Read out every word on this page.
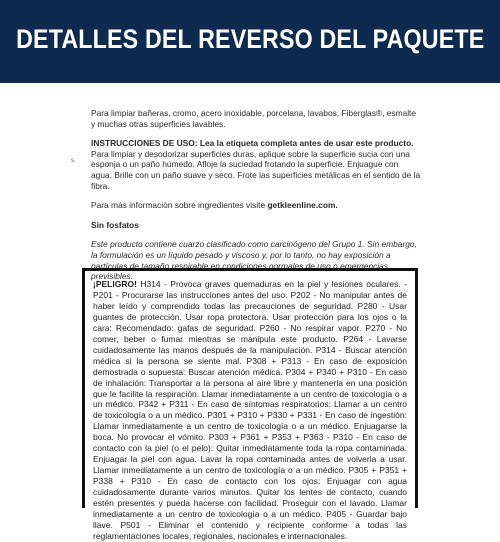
DETALLES DEL REVERSO DEL PAQUETE
s.

Para limpiar bañeras, cromo, acero inoxidable, porcelana, lavabos, Fiberglas®, esmalte y muchas otras superficies lavables.

INSTRUCCIONES DE USO: Lea la etiqueta completa antes de usar este producto. Para limpiar y desodorizar superficies duras, aplique sobre la superficie sucia con una esponja o un paño húmedo. Afloje la suciedad frotando la superficie. Enjuague con agua. Brille con un paño suave y seco. Frote las superficies metálicas en el sentido de la fibra.

Para más información sobre ingredientes visite getkleenline.com.

Sin fosfatos

Este producto contiene cuarzo clasificado como carcinógeno del Grupo 1. Sin embargo, la formulación es un líquido pesado y viscoso y, por lo tanto, no hay exposición a partículas de tamaño respirable en condiciones normales de uso o emergencias previsibles.

¡PELIGRO! H314 - Provoca graves quemaduras en la piel y lesiones oculares. - P201 - Procurarse las instrucciones antes del uso. P202 - No manipular antes de haber leído y comprendido todas las precauciones de seguridad. P280 - Usar guantes de protección. Usar ropa protectora. Usar protección para los ojos o la cara: Recomendado: gafas de seguridad. P260 - No respirar vapor. P270 - No comer, beber o fumar mientras se manipula este producto. P264 - Lavarse cuidadosamente las manos después de la manipulación. P314 - Buscar atención médica si la persona se siente mal. P308 + P313 - En caso de exposición demostrada o supuesta: Buscar atención médica. P304 + P340 + P310 - En caso de inhalación: Transportar a la persona al aire libre y mantenerla en una posición que le facilite la respiración. Llamar inmediatamente a un centro de toxicología o a un médico. P342 + P311 - En caso de síntomas respiratorios: Llamar a un centro de toxicología o a un médico. P301 + P310 + P330 + P331 - En caso de ingestión: Llamar inmediatamente a un centro de toxicología o a un médico. Enjuagarse la boca. No provocar el vómito. P303 + P361 + P353 + P363 - P310 - En caso de contacto con la piel (o el pelo): Quitar inmediatamente toda la ropa contaminada. Enjuagar la piel con agua. Lavar la ropa contaminada antes de volverla a usar. Llamar inmediatamente a un centro de toxicología o a un médico. P305 + P351 + P338 + P310 - En caso de contacto con los ojos: Enjuagar con agua cuidadosamente durante varios minutos. Quitar los lentes de contacto, cuando estén presentes y pueda hacerse con facilidad. Proseguir con el lavado. Llamar inmediatamente a un centro de toxicología o a un médico. P405 - Guardar bajo llave. P501 - Eliminar el contenido y recipiente conforme a todas las reglamentaciones locales, regionales, nacionales e internacionales.
